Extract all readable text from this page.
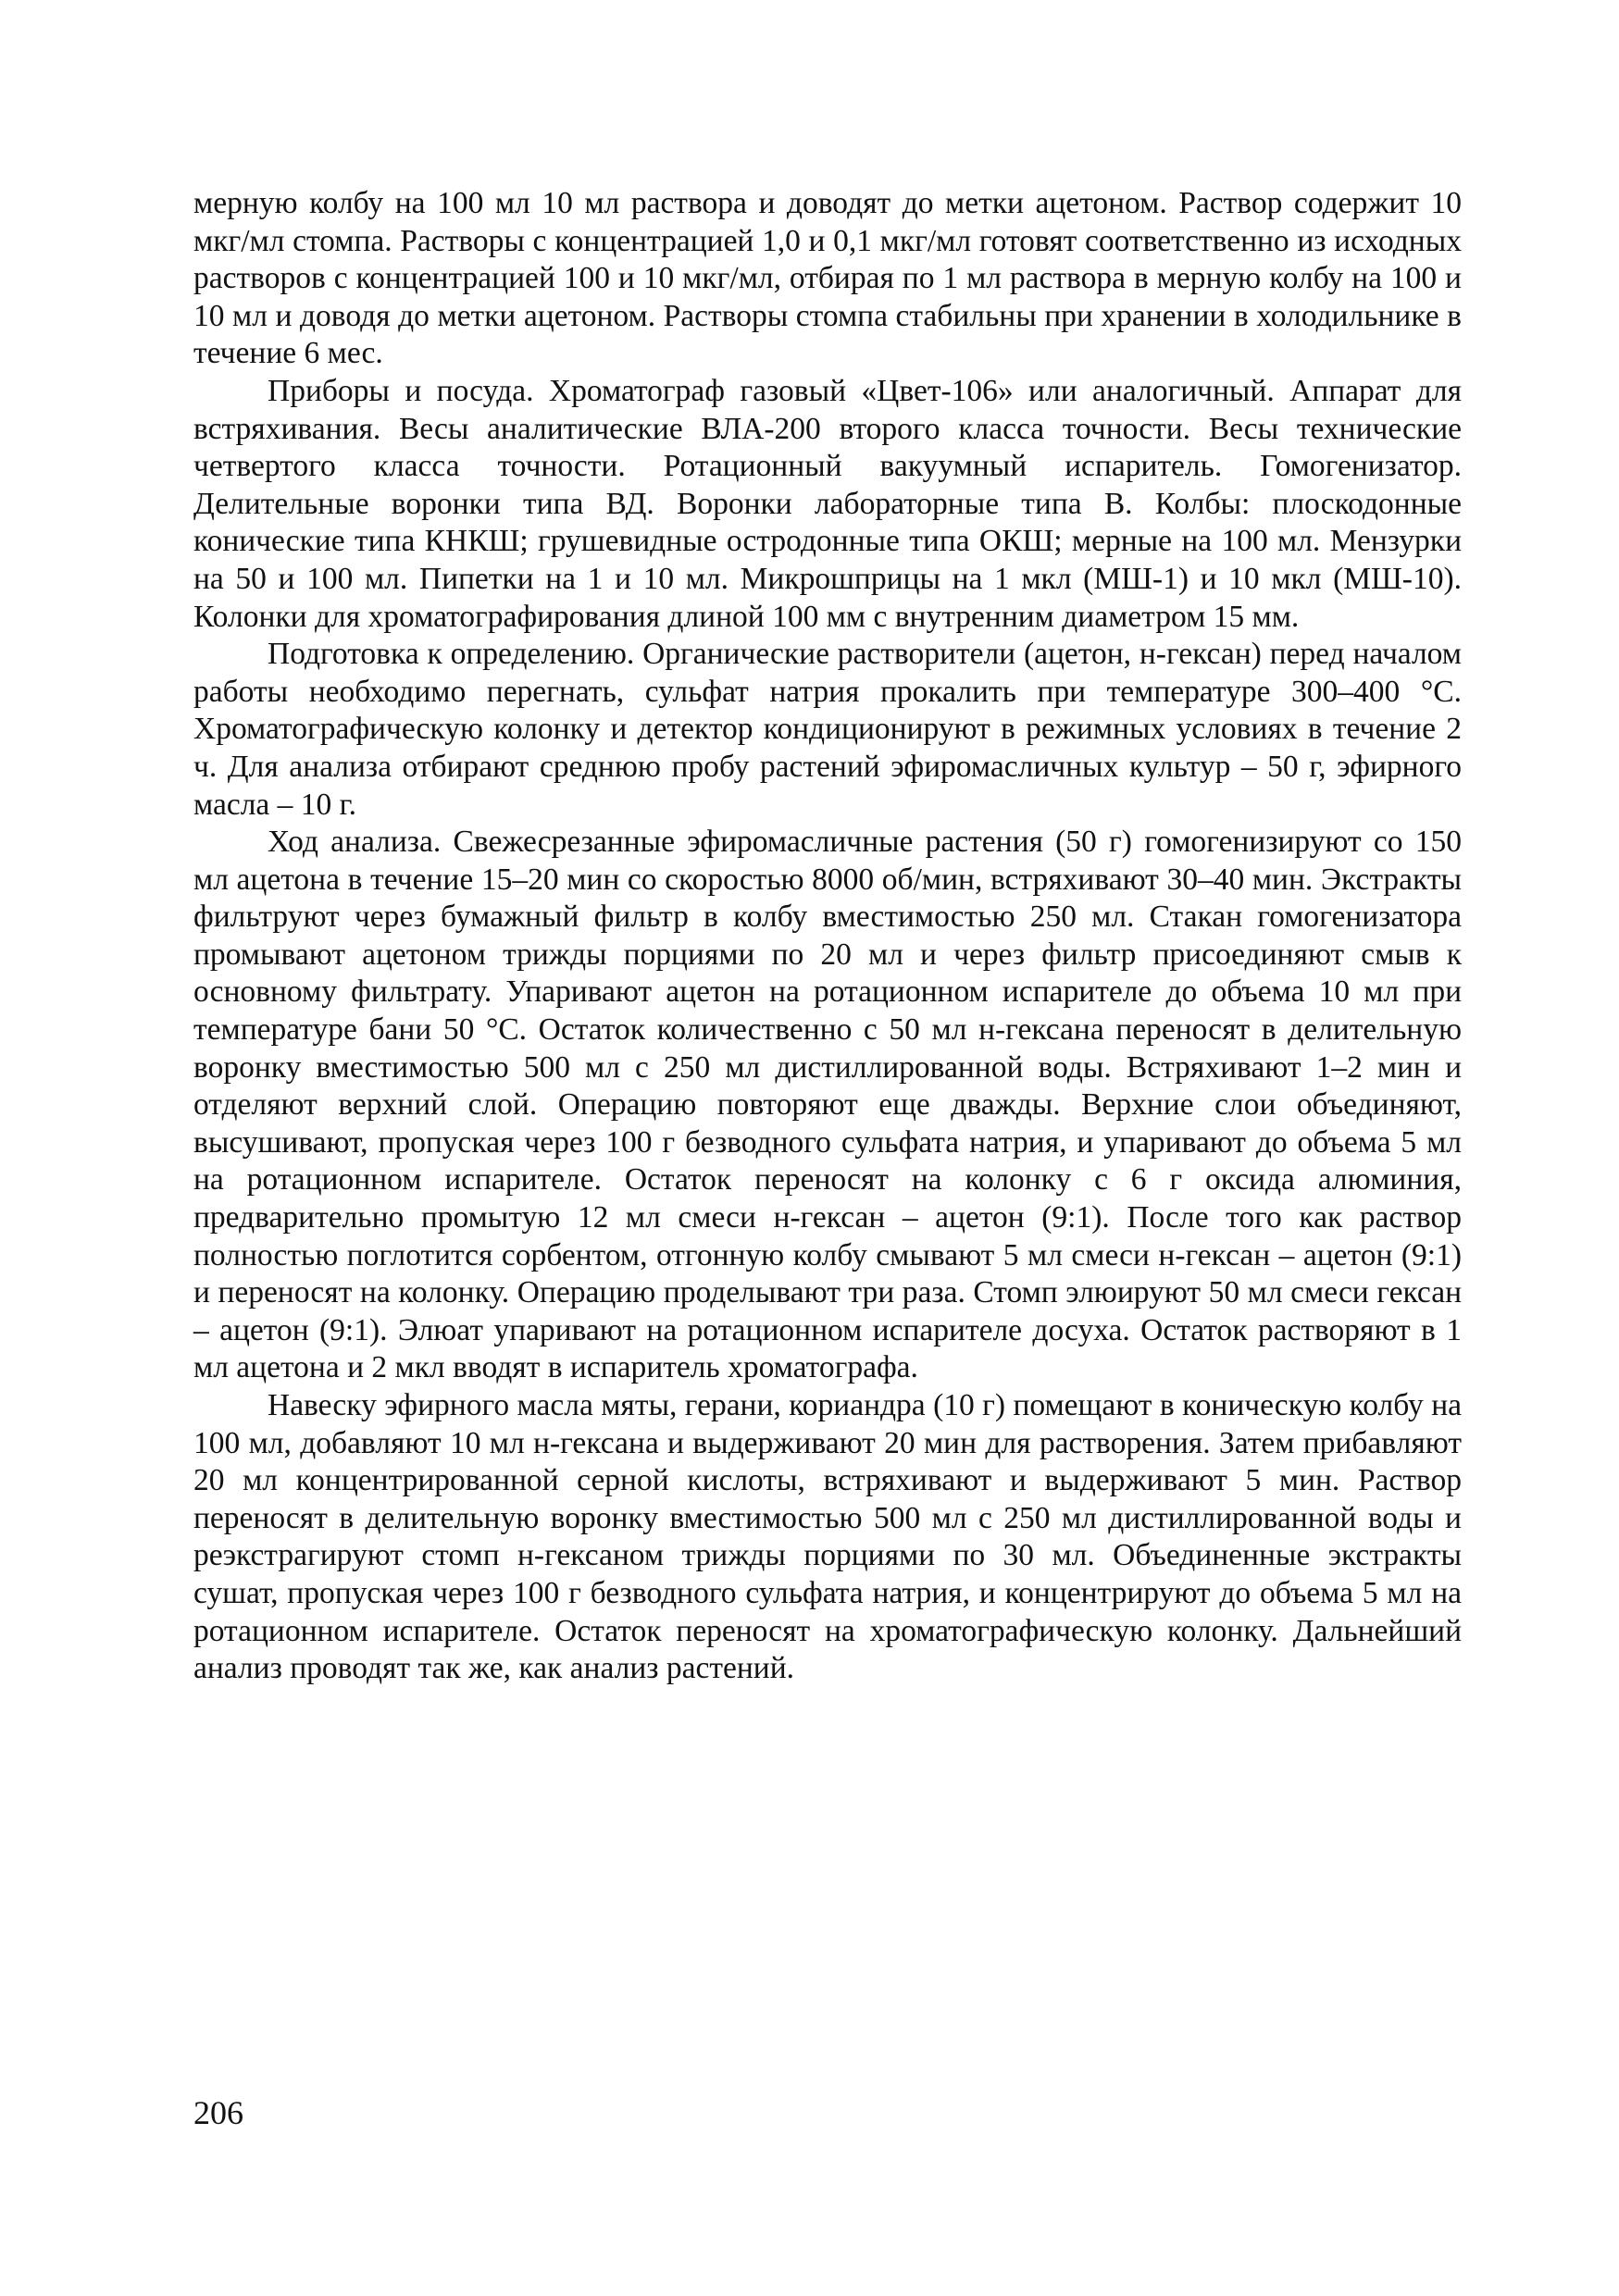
мерную колбу на 100 мл 10 мл раствора и доводят до метки ацетоном. Раствор содержит 10 мкг/мл стомпа. Растворы с концентрацией 1,0 и 0,1 мкг/мл готовят соответственно из исходных растворов с концентрацией 100 и 10 мкг/мл, отбирая по 1 мл раствора в мерную колбу на 100 и 10 мл и доводя до метки ацетоном. Растворы стомпа стабильны при хранении в холодильнике в течение 6 мес.

Приборы и посуда. Хроматограф газовый «Цвет-106» или аналогичный. Аппарат для встряхивания. Весы аналитические ВЛА-200 второго класса точности. Весы технические четвертого класса точности. Ротационный вакуумный испаритель. Гомогенизатор. Делительные воронки типа ВД. Воронки лабораторные типа В. Колбы: плоскодонные конические типа КНКШ; грушевидные остродонные типа ОКШ; мерные на 100 мл. Мензурки на 50 и 100 мл. Пипетки на 1 и 10 мл. Микрошприцы на 1 мкл (МШ-1) и 10 мкл (МШ-10). Колонки для хроматографирования длиной 100 мм с внутренним диаметром 15 мм.

Подготовка к определению. Органические растворители (ацетон, н-гексан) перед началом работы необходимо перегнать, сульфат натрия прокалить при температуре 300–400 °С. Хроматографическую колонку и детектор кондиционируют в режимных условиях в течение 2 ч. Для анализа отбирают среднюю пробу растений эфиромасличных культур – 50 г, эфирного масла – 10 г.

Ход анализа. Свежесрезанные эфиромасличные растения (50 г) гомогенизируют со 150 мл ацетона в течение 15–20 мин со скоростью 8000 об/мин, встряхивают 30–40 мин. Экстракты фильтруют через бумажный фильтр в колбу вместимостью 250 мл. Стакан гомогенизатора промывают ацетоном трижды порциями по 20 мл и через фильтр присоединяют смыв к основному фильтрату. Упаривают ацетон на ротационном испарителе до объема 10 мл при температуре бани 50 °С. Остаток количественно с 50 мл н-гексана переносят в делительную воронку вместимостью 500 мл с 250 мл дистиллированной воды. Встряхивают 1–2 мин и отделяют верхний слой. Операцию повторяют еще дважды. Верхние слои объединяют, высушивают, пропуская через 100 г безводного сульфата натрия, и упаривают до объема 5 мл на ротационном испарителе. Остаток переносят на колонку с 6 г оксида алюминия, предварительно промытую 12 мл смеси н-гексан – ацетон (9:1). После того как раствор полностью поглотится сорбентом, отгонную колбу смывают 5 мл смеси н-гексан – ацетон (9:1) и переносят на колонку. Операцию проделывают три раза. Стомп элюируют 50 мл смеси гексан – ацетон (9:1). Элюат упаривают на ротационном испарителе досуха. Остаток растворяют в 1 мл ацетона и 2 мкл вводят в испаритель хроматографа.

Навеску эфирного масла мяты, герани, кориандра (10 г) помещают в коническую колбу на 100 мл, добавляют 10 мл н-гексана и выдерживают 20 мин для растворения. Затем прибавляют 20 мл концентрированной серной кислоты, встряхивают и выдерживают 5 мин. Раствор переносят в делительную воронку вместимостью 500 мл с 250 мл дистиллированной воды и реэкстрагируют стомп н-гексаном трижды порциями по 30 мл. Объединенные экстракты сушат, пропуская через 100 г безводного сульфата натрия, и концентрируют до объема 5 мл на ротационном испарителе. Остаток переносят на хроматографическую колонку. Дальнейший анализ проводят так же, как анализ растений.

206
